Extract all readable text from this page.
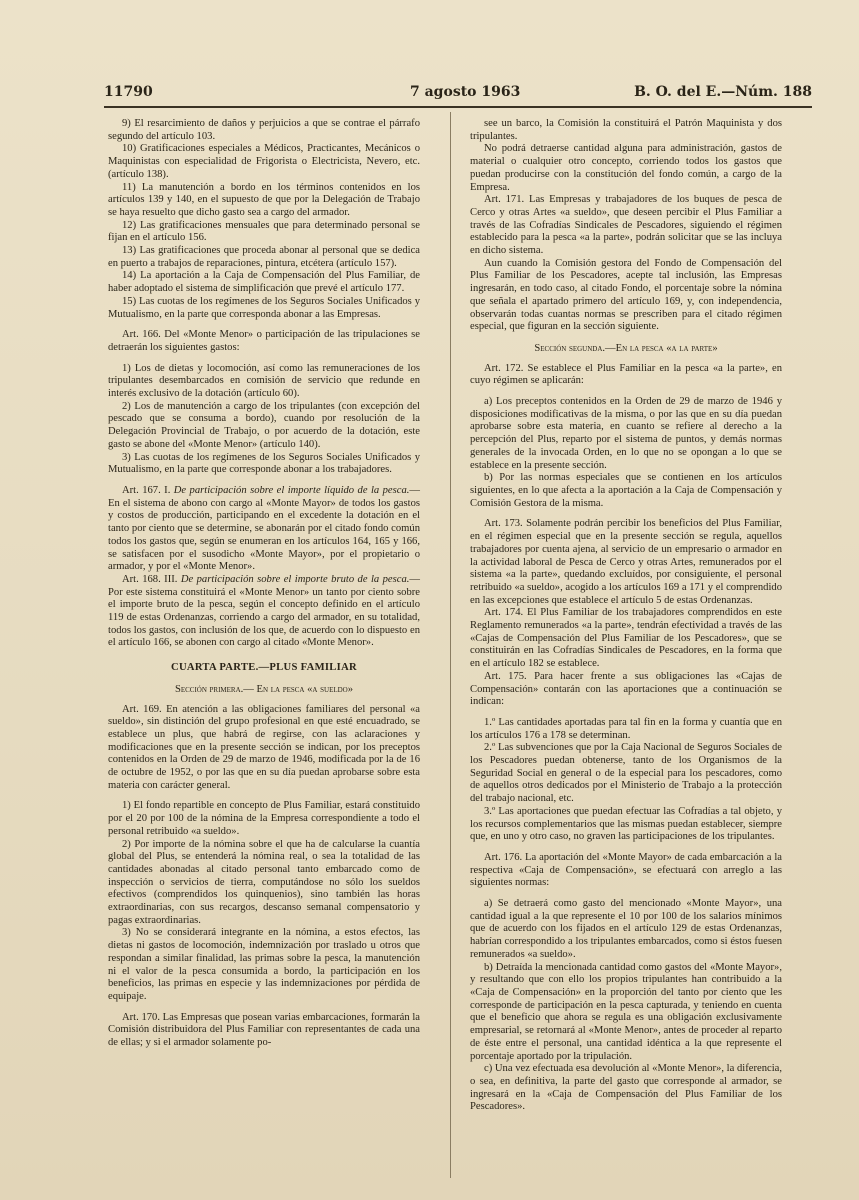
11790	7 agosto 1963	B. O. del E.—Núm. 188

9) El resarcimiento de daños y perjuicios a que se contrae el párrafo segundo del artículo 103.

10) Gratificaciones especiales a Médicos, Practicantes, Mecánicos o Maquinistas con especialidad de Frigorista o Electricista, Nevero, etc. (artículo 138).

11) La manutención a bordo en los términos contenidos en los artículos 139 y 140, en el supuesto de que por la Delegación de Trabajo se haya resuelto que dicho gasto sea a cargo del armador.

12) Las gratificaciones mensuales que para determinado personal se fijan en el artículo 156.

13) Las gratificaciones que proceda abonar al personal que se dedica en puerto a trabajos de reparaciones, pintura, etcétera (artículo 157).

14) La aportación a la Caja de Compensación del Plus Familiar, de haber adoptado el sistema de simplificación que prevé el artículo 177.

15) Las cuotas de los regímenes de los Seguros Sociales Unificados y Mutualismo, en la parte que corresponda abonar a las Empresas.

Art. 166. Del «Monte Menor» o participación de las tripulaciones se detraerán los siguientes gastos:

1) Los de dietas y locomoción, así como las remuneraciones de los tripulantes desembarcados en comisión de servicio que redunde en interés exclusivo de la dotación (artículo 60).

2) Los de manutención a cargo de los tripulantes (con excepción del pescado que se consuma a bordo), cuando por resolución de la Delegación Provincial de Trabajo, o por acuerdo de la dotación, este gasto se abone del «Monte Menor» (artículo 140).

3) Las cuotas de los regímenes de los Seguros Sociales Unificados y Mutualismo, en la parte que corresponde abonar a los trabajadores.

Art. 167. I. De participación sobre el importe líquido de la pesca.—En el sistema de abono con cargo al «Monte Mayor» de todos los gastos y costos de producción, participando en el excedente la dotación en el tanto por ciento que se determine, se abonarán por el citado fondo común todos los gastos que, según se enumeran en los artículos 164, 165 y 166, se satisfacen por el susodicho «Monte Mayor», por el propietario o armador, y por el «Monte Menor».

Art. 168. III. De participación sobre el importe bruto de la pesca.—Por este sistema constituirá el «Monte Menor» un tanto por ciento sobre el importe bruto de la pesca, según el concepto definido en el artículo 119 de estas Ordenanzas, corriendo a cargo del armador, en su totalidad, todos los gastos, con inclusión de los que, de acuerdo con lo dispuesto en el artículo 166, se abonen con cargo al citado «Monte Menor».

CUARTA PARTE.—PLUS FAMILIAR

Sección primera.— En la pesca «a sueldo»

Art. 169. En atención a las obligaciones familiares del personal «a sueldo», sin distinción del grupo profesional en que esté encuadrado, se establece un plus, que habrá de regirse, con las aclaraciones y modificaciones que en la presente sección se indican, por los preceptos contenidos en la Orden de 29 de marzo de 1946, modificada por la de 16 de octubre de 1952, o por las que en su día puedan aprobarse sobre esta materia con carácter general.

1) El fondo repartible en concepto de Plus Familiar, estará constituido por el 20 por 100 de la nómina de la Empresa correspondiente a todo el personal retribuido «a sueldo».

2) Por importe de la nómina sobre el que ha de calcularse la cuantía global del Plus, se entenderá la nómina real, o sea la totalidad de las cantidades abonadas al citado personal tanto embarcado como de inspección o servicios de tierra, computándose no sólo los sueldos efectivos (comprendidos los quinquenios), sino también las horas extraordinarias, con sus recargos, descanso semanal compensatorio y pagas extraordinarias.

3) No se considerará integrante en la nómina, a estos efectos, las dietas ni gastos de locomoción, indemnización por traslado u otros que respondan a similar finalidad, las primas sobre la pesca, la manutención ni el valor de la pesca consumida a bordo, la participación en los beneficios, las primas en especie y las indemnizaciones por pérdida de equipaje.

Art. 170. Las Empresas que posean varias embarcaciones, formarán la Comisión distribuidora del Plus Familiar con representantes de cada una de ellas; y si el armador solamente po-

see un barco, la Comisión la constituirá el Patrón Maquinista y dos tripulantes.

No podrá detraerse cantidad alguna para administración, gastos de material o cualquier otro concepto, corriendo todos los gastos que puedan producirse con la constitución del fondo común, a cargo de la Empresa.

Art. 171. Las Empresas y trabajadores de los buques de pesca de Cerco y otras Artes «a sueldo», que deseen percibir el Plus Familiar a través de las Cofradías Sindicales de Pescadores, siguiendo el régimen establecido para la pesca «a la parte», podrán solicitar que se las incluya en dicho sistema.

Aun cuando la Comisión gestora del Fondo de Compensación del Plus Familiar de los Pescadores, acepte tal inclusión, las Empresas ingresarán, en todo caso, al citado Fondo, el porcentaje sobre la nómina que señala el apartado primero del artículo 169, y, con independencia, observarán todas cuantas normas se prescriben para el citado régimen especial, que figuran en la sección siguiente.

Sección segunda.—En la pesca «a la parte»

Art. 172. Se establece el Plus Familiar en la pesca «a la parte», en cuyo régimen se aplicarán:

a) Los preceptos contenidos en la Orden de 29 de marzo de 1946 y disposiciones modificativas de la misma, o por las que en su día puedan aprobarse sobre esta materia, en cuanto se refiere al derecho a la percepción del Plus, reparto por el sistema de puntos, y demás normas generales de la invocada Orden, en lo que no se opongan a lo que se establece en la presente sección.

b) Por las normas especiales que se contienen en los artículos siguientes, en lo que afecta a la aportación a la Caja de Compensación y Comisión Gestora de la misma.

Art. 173. Solamente podrán percibir los beneficios del Plus Familiar, en el régimen especial que en la presente sección se regula, aquellos trabajadores por cuenta ajena, al servicio de un empresario o armador en la actividad laboral de Pesca de Cerco y otras Artes, remunerados por el sistema «a la parte», quedando excluídos, por consiguiente, el personal retribuido «a sueldo», acogido a los artículos 169 a 171 y el comprendido en las excepciones que establece el artículo 5 de estas Ordenanzas.

Art. 174. El Plus Familiar de los trabajadores comprendidos en este Reglamento remunerados «a la parte», tendrán efectividad a través de las «Cajas de Compensación del Plus Familiar de los Pescadores», que se constituirán en las Cofradías Sindicales de Pescadores, en la forma que en el artículo 182 se establece.

Art. 175. Para hacer frente a sus obligaciones las «Cajas de Compensación» contarán con las aportaciones que a continuación se indican:

1.º Las cantidades aportadas para tal fin en la forma y cuantía que en los artículos 176 a 178 se determinan.

2.º Las subvenciones que por la Caja Nacional de Seguros Sociales de los Pescadores puedan obtenerse, tanto de los Organismos de la Seguridad Social en general o de la especial para los pescadores, como de aquellos otros dedicados por el Ministerio de Trabajo a la protección del trabajo nacional, etc.

3.º Las aportaciones que puedan efectuar las Cofradías a tal objeto, y los recursos complementarios que las mismas puedan establecer, siempre que, en uno y otro caso, no graven las participaciones de los tripulantes.

Art. 176. La aportación del «Monte Mayor» de cada embarcación a la respectiva «Caja de Compensación», se efectuará con arreglo a las siguientes normas:

a) Se detraerá como gasto del mencionado «Monte Mayor», una cantidad igual a la que represente el 10 por 100 de los salarios mínimos que de acuerdo con los fijados en el artículo 129 de estas Ordenanzas, habrían correspondido a los tripulantes embarcados, como si éstos fuesen remunerados «a sueldo».

b) Detraída la mencionada cantidad como gastos del «Monte Mayor», y resultando que con ello los propios tripulantes han contribuido a la «Caja de Compensación» en la proporción del tanto por ciento que les corresponde de participación en la pesca capturada, y teniendo en cuenta que el beneficio que ahora se regula es una obligación exclusivamente empresarial, se retornará al «Monte Menor», antes de proceder al reparto de éste entre el personal, una cantidad idéntica a la que represente el porcentaje aportado por la tripulación.

c) Una vez efectuada esa devolución al «Monte Menor», la diferencia, o sea, en definitiva, la parte del gasto que corresponde al armador, se ingresará en la «Caja de Compensación del Plus Familiar de los Pescadores».
